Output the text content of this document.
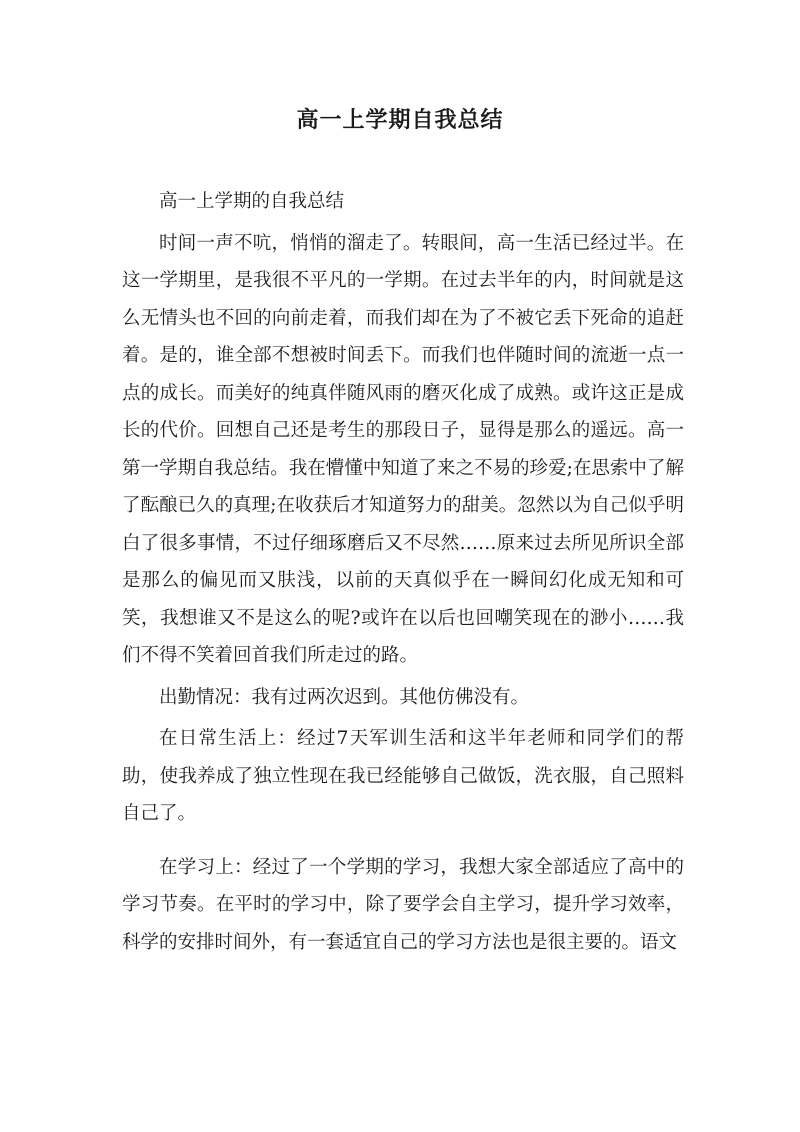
高一上学期自我总结

高一上学期的自我总结

时间一声不吭，悄悄的溜走了。转眼间，高一生活已经过半。在这一学期里，是我很不平凡的一学期。在过去半年的内，时间就是这么无情头也不回的向前走着，而我们却在为了不被它丢下死命的追赶着。是的，谁全部不想被时间丢下。而我们也伴随时间的流逝一点一点的成长。而美好的纯真伴随风雨的磨灭化成了成熟。或许这正是成长的代价。回想自己还是考生的那段日子，显得是那么的遥远。高一第一学期自我总结。我在懵懂中知道了来之不易的珍爱;在思索中了解了酝酿已久的真理;在收获后才知道努力的甜美。忽然以为自己似乎明白了很多事情，不过仔细琢磨后又不尽然……原来过去所见所识全部是那么的偏见而又肤浅，以前的天真似乎在一瞬间幻化成无知和可笑，我想谁又不是这么的呢?或许在以后也回嘲笑现在的渺小……我们不得不笑着回首我们所走过的路。

出勤情况：我有过两次迟到。其他仿佛没有。

在日常生活上：经过7天军训生活和这半年老师和同学们的帮助，使我养成了独立性现在我已经能够自己做饭，洗衣服，自己照料自己了。

在学习上：经过了一个学期的学习，我想大家全部适应了高中的学习节奏。在平时的学习中，除了要学会自主学习，提升学习效率，科学的安排时间外，有一套适宜自己的学习方法也是很主要的。语文
